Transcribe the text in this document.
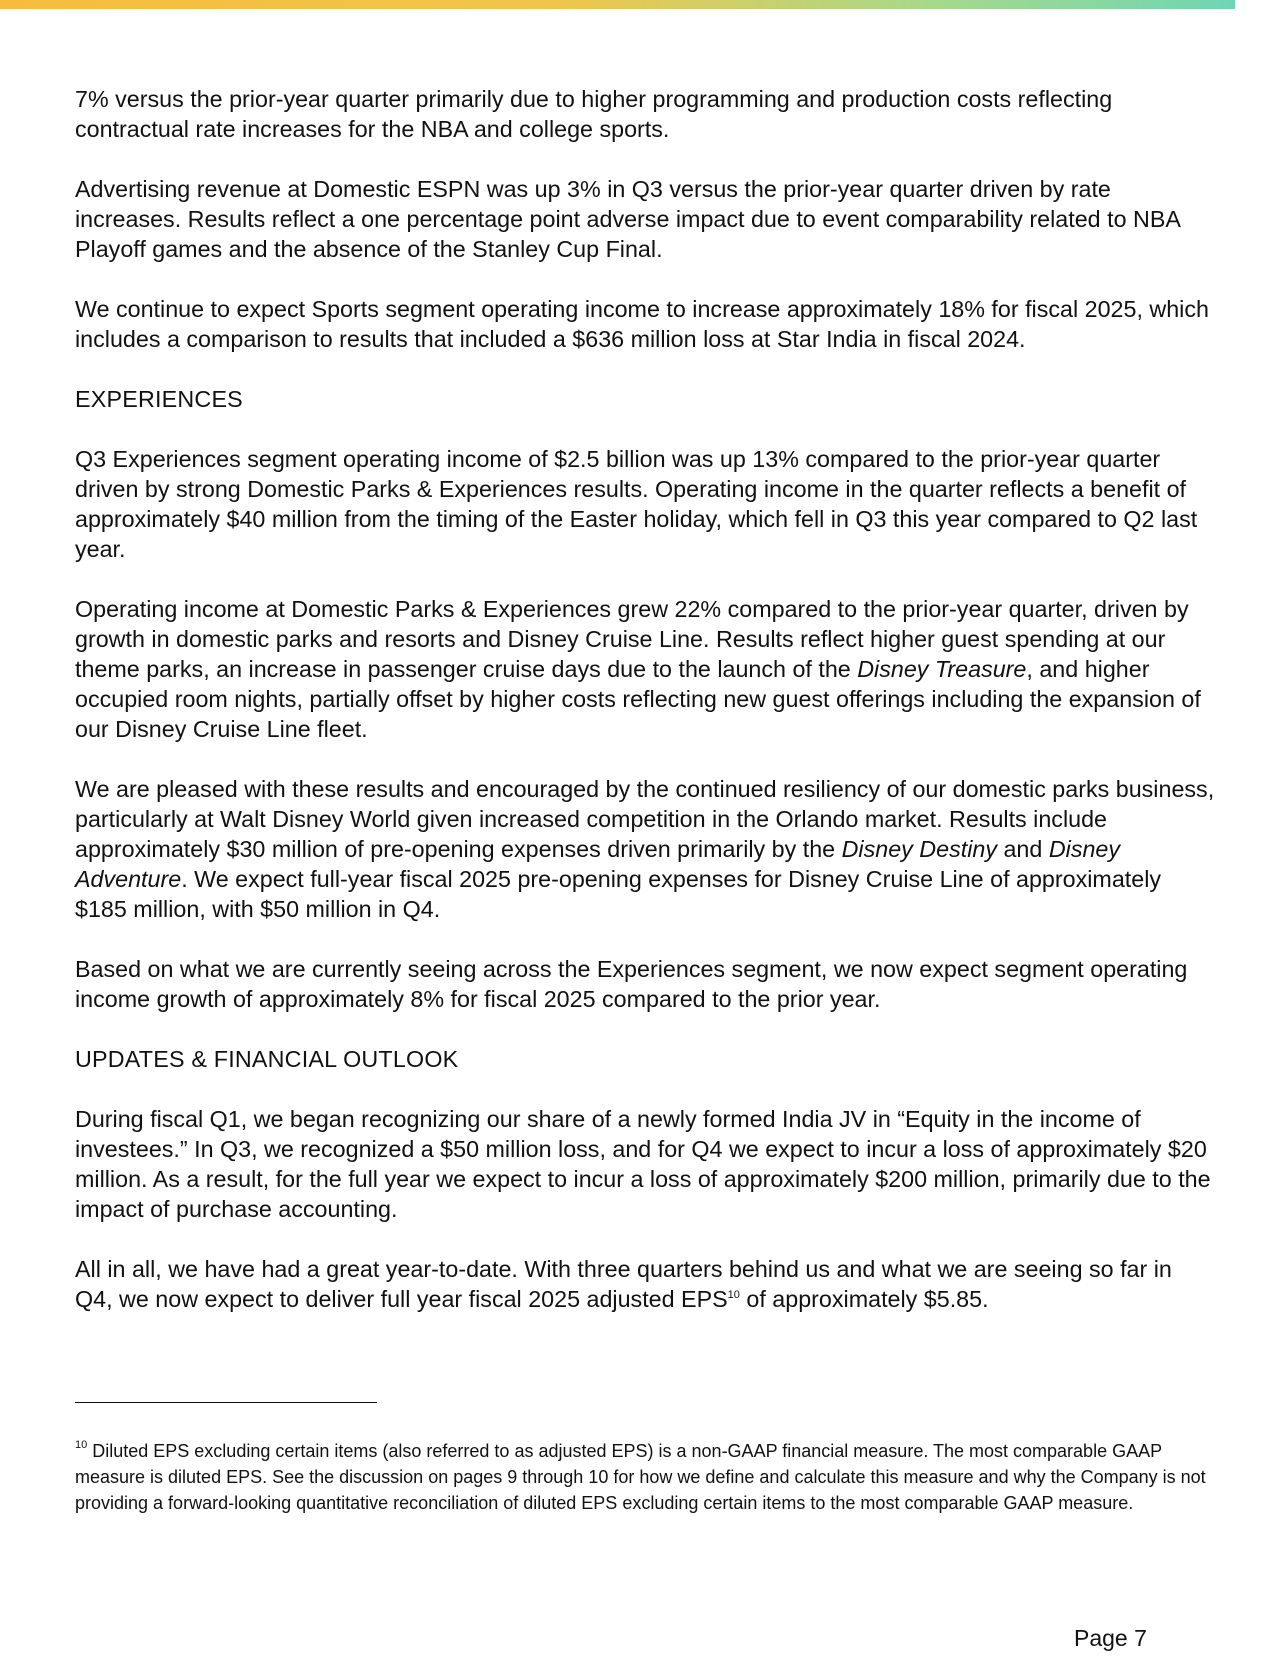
7% versus the prior-year quarter primarily due to higher programming and production costs reflecting contractual rate increases for the NBA and college sports.

Advertising revenue at Domestic ESPN was up 3% in Q3 versus the prior-year quarter driven by rate increases. Results reflect a one percentage point adverse impact due to event comparability related to NBA Playoff games and the absence of the Stanley Cup Final.

We continue to expect Sports segment operating income to increase approximately 18% for fiscal 2025, which includes a comparison to results that included a $636 million loss at Star India in fiscal 2024.

EXPERIENCES

Q3 Experiences segment operating income of $2.5 billion was up 13% compared to the prior-year quarter driven by strong Domestic Parks & Experiences results. Operating income in the quarter reflects a benefit of approximately $40 million from the timing of the Easter holiday, which fell in Q3 this year compared to Q2 last year.

Operating income at Domestic Parks & Experiences grew 22% compared to the prior-year quarter, driven by growth in domestic parks and resorts and Disney Cruise Line. Results reflect higher guest spending at our theme parks, an increase in passenger cruise days due to the launch of the Disney Treasure, and higher occupied room nights, partially offset by higher costs reflecting new guest offerings including the expansion of our Disney Cruise Line fleet.

We are pleased with these results and encouraged by the continued resiliency of our domestic parks business, particularly at Walt Disney World given increased competition in the Orlando market. Results include approximately $30 million of pre-opening expenses driven primarily by the Disney Destiny and Disney Adventure. We expect full-year fiscal 2025 pre-opening expenses for Disney Cruise Line of approximately $185 million, with $50 million in Q4.

Based on what we are currently seeing across the Experiences segment, we now expect segment operating income growth of approximately 8% for fiscal 2025 compared to the prior year.

UPDATES & FINANCIAL OUTLOOK

During fiscal Q1, we began recognizing our share of a newly formed India JV in “Equity in the income of investees.” In Q3, we recognized a $50 million loss, and for Q4 we expect to incur a loss of approximately $20 million. As a result, for the full year we expect to incur a loss of approximately $200 million, primarily due to the impact of purchase accounting.

All in all, we have had a great year-to-date. With three quarters behind us and what we are seeing so far in Q4, we now expect to deliver full year fiscal 2025 adjusted EPS$^{10}$ of approximately $5.85.

$^{10}$ Diluted EPS excluding certain items (also referred to as adjusted EPS) is a non-GAAP financial measure. The most comparable GAAP measure is diluted EPS. See the discussion on pages 9 through 10 for how we define and calculate this measure and why the Company is not providing a forward-looking quantitative reconciliation of diluted EPS excluding certain items to the most comparable GAAP measure.

Page 7
